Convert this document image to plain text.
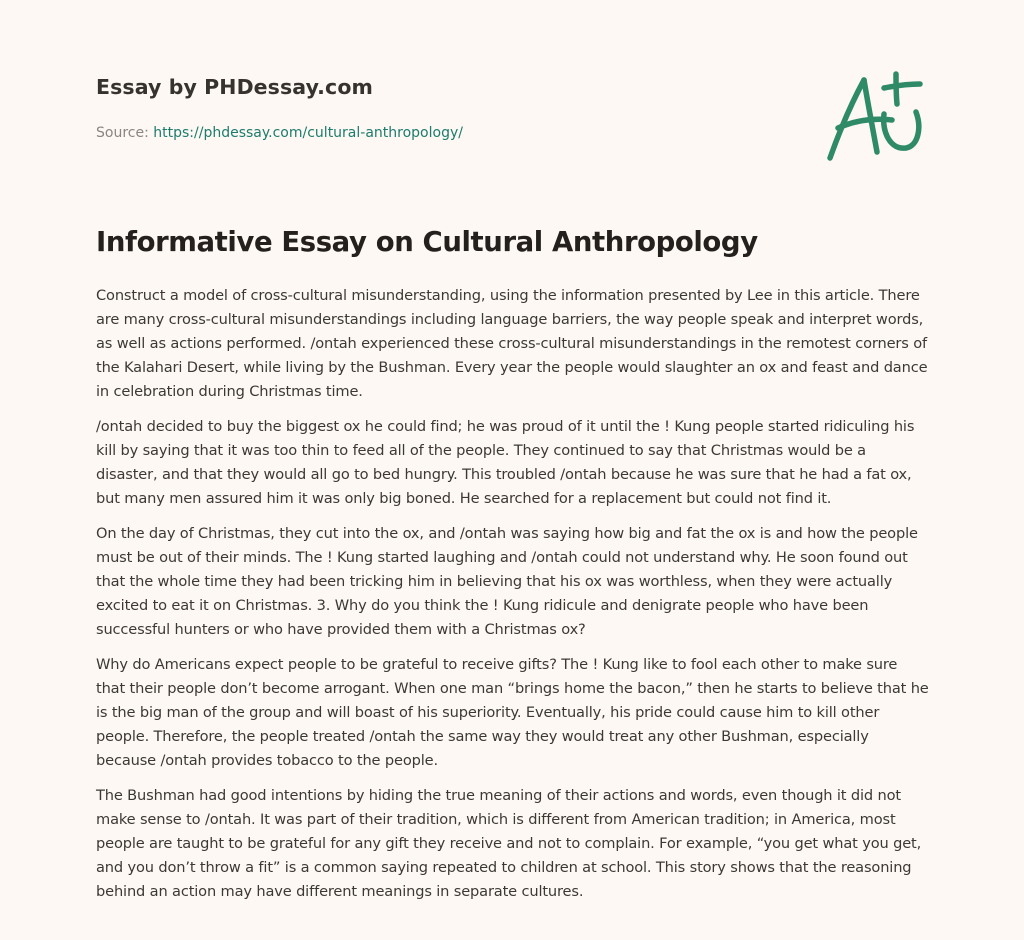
Essay by PHDessay.com
Source: https://phdessay.com/cultural-anthropology/
Informative Essay on Cultural Anthropology

Construct a model of cross-cultural misunderstanding, using the information presented by Lee in this article. There are many cross-cultural misunderstandings including language barriers, the way people speak and interpret words, as well as actions performed. /ontah experienced these cross-cultural misunderstandings in the remotest corners of the Kalahari Desert, while living by the Bushman. Every year the people would slaughter an ox and feast and dance in celebration during Christmas time.

/ontah decided to buy the biggest ox he could find; he was proud of it until the ! Kung people started ridiculing his kill by saying that it was too thin to feed all of the people. They continued to say that Christmas would be a disaster, and that they would all go to bed hungry. This troubled /ontah because he was sure that he had a fat ox, but many men assured him it was only big boned. He searched for a replacement but could not find it.

On the day of Christmas, they cut into the ox, and /ontah was saying how big and fat the ox is and how the people must be out of their minds. The ! Kung started laughing and /ontah could not understand why. He soon found out that the whole time they had been tricking him in believing that his ox was worthless, when they were actually excited to eat it on Christmas. 3. Why do you think the ! Kung ridicule and denigrate people who have been successful hunters or who have provided them with a Christmas ox?

Why do Americans expect people to be grateful to receive gifts? The ! Kung like to fool each other to make sure that their people don’t become arrogant. When one man “brings home the bacon,” then he starts to believe that he is the big man of the group and will boast of his superiority. Eventually, his pride could cause him to kill other people. Therefore, the people treated /ontah the same way they would treat any other Bushman, especially because /ontah provides tobacco to the people.

The Bushman had good intentions by hiding the true meaning of their actions and words, even though it did not make sense to /ontah. It was part of their tradition, which is different from American tradition; in America, most people are taught to be grateful for any gift they receive and not to complain. For example, “you get what you get, and you don’t throw a fit” is a common saying repeated to children at school. This story shows that the reasoning behind an action may have different meanings in separate cultures.
